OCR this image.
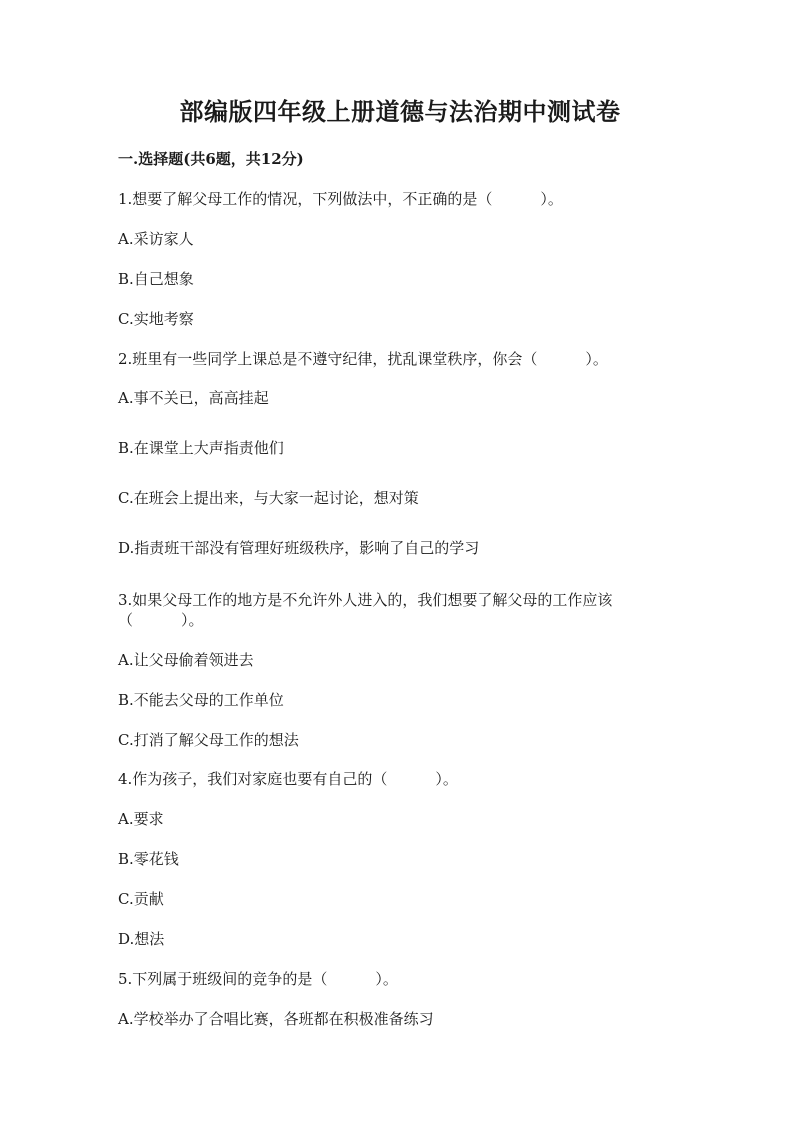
部编版四年级上册道德与法治期中测试卷
一.选择题(共6题，共12分)
1.想要了解父母工作的情况，下列做法中，不正确的是（	）。
A.采访家人
B.自己想象
C.实地考察
2.班里有一些同学上课总是不遵守纪律，扰乱课堂秩序，你会（	）。
A.事不关已，高高挂起
B.在课堂上大声指责他们
C.在班会上提出来，与大家一起讨论，想对策
D.指责班干部没有管理好班级秩序，影响了自己的学习
3.如果父母工作的地方是不允许外人进入的，我们想要了解父母的工作应该
（	）。
A.让父母偷着领进去
B.不能去父母的工作单位
C.打消了解父母工作的想法
4.作为孩子，我们对家庭也要有自己的（	）。
A.要求
B.零花钱
C.贡献
D.想法
5.下列属于班级间的竞争的是（	）。
A.学校举办了合唱比赛，各班都在积极准备练习
